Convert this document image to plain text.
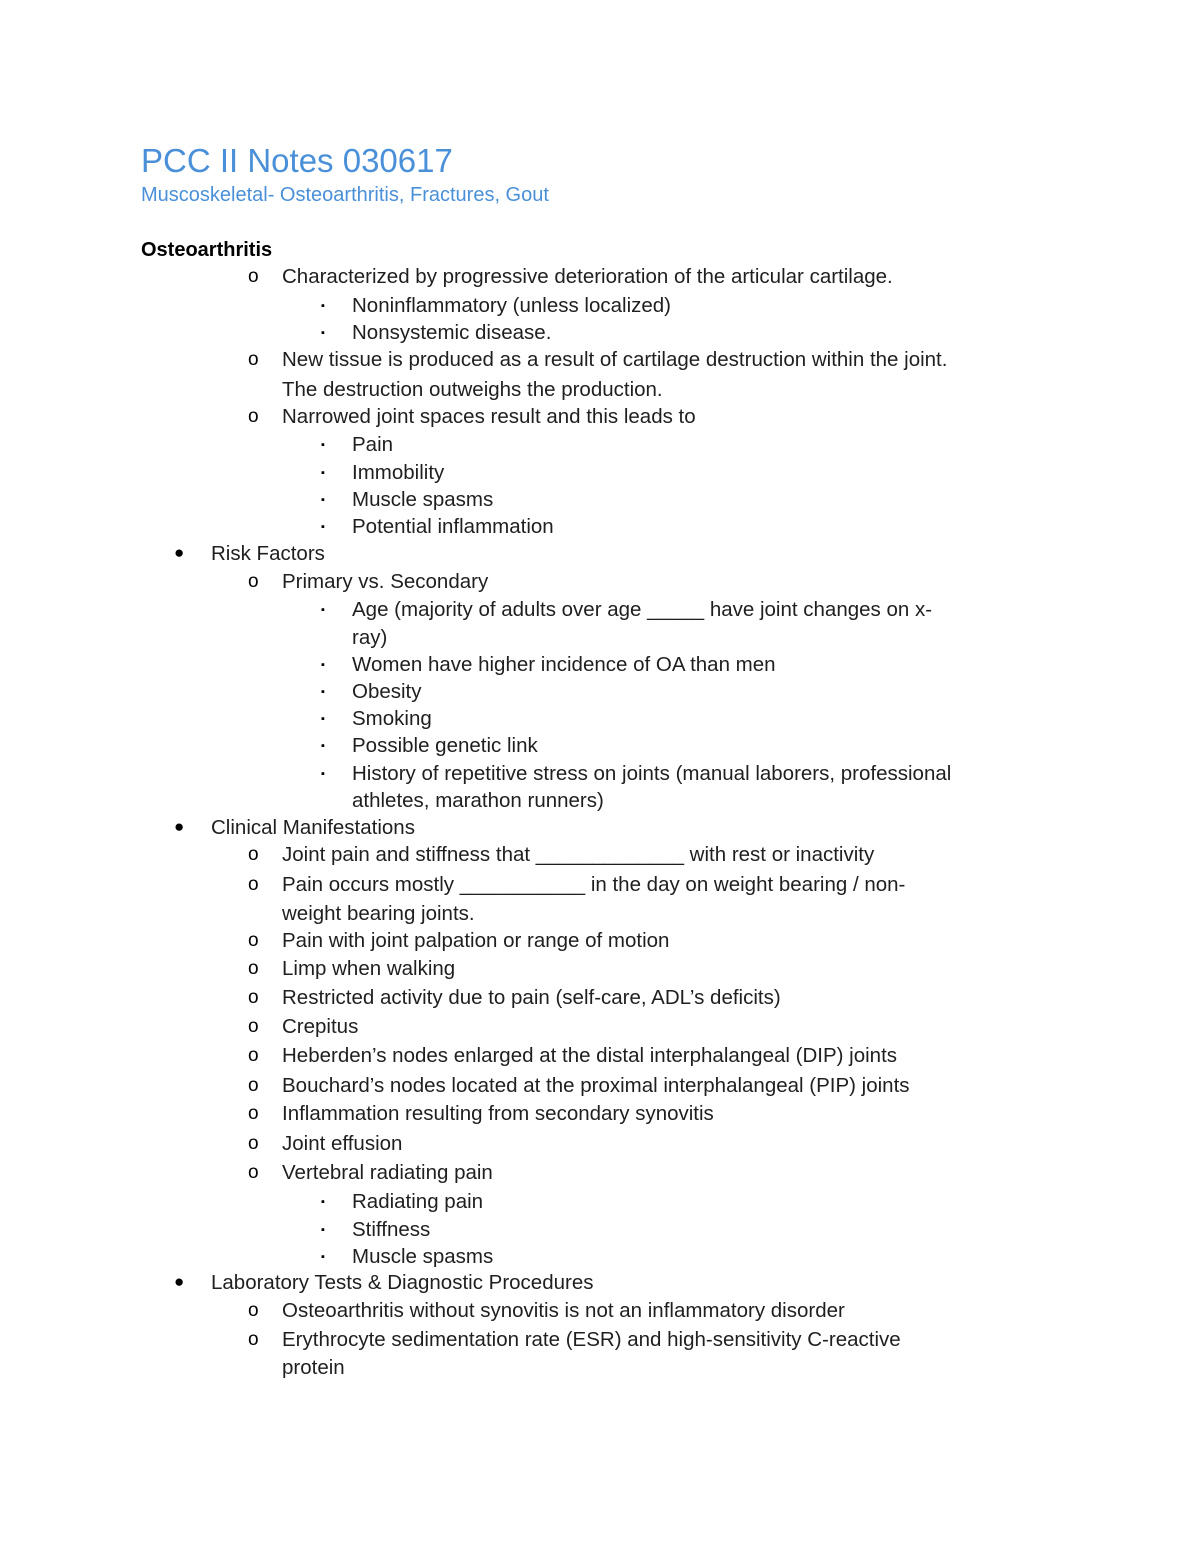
PCC II Notes 030617
Muscoskeletal- Osteoarthritis, Fractures, Gout
Osteoarthritis
o Characterized by progressive deterioration of the articular cartilage.
▪ Noninflammatory (unless localized)
▪ Nonsystemic disease.
o New tissue is produced as a result of cartilage destruction within the joint.
The destruction outweighs the production.
o Narrowed joint spaces result and this leads to
▪ Pain
▪ Immobility
▪ Muscle spasms
▪ Potential inflammation
● Risk Factors
o Primary vs. Secondary
▪ Age (majority of adults over age _____ have joint changes on x-
ray)
▪ Women have higher incidence of OA than men
▪ Obesity
▪ Smoking
▪ Possible genetic link
▪ History of repetitive stress on joints (manual laborers, professional
athletes, marathon runners)
● Clinical Manifestations
o Joint pain and stiffness that _____________ with rest or inactivity
o Pain occurs mostly ___________ in the day on weight bearing / non-
weight bearing joints.
o Pain with joint palpation or range of motion
o Limp when walking
o Restricted activity due to pain (self-care, ADL’s deficits)
o Crepitus
o Heberden’s nodes enlarged at the distal interphalangeal (DIP) joints
o Bouchard’s nodes located at the proximal interphalangeal (PIP) joints
o Inflammation resulting from secondary synovitis
o Joint effusion
o Vertebral radiating pain
▪ Radiating pain
▪ Stiffness
▪ Muscle spasms
● Laboratory Tests & Diagnostic Procedures
o Osteoarthritis without synovitis is not an inflammatory disorder
o Erythrocyte sedimentation rate (ESR) and high-sensitivity C-reactive
protein
